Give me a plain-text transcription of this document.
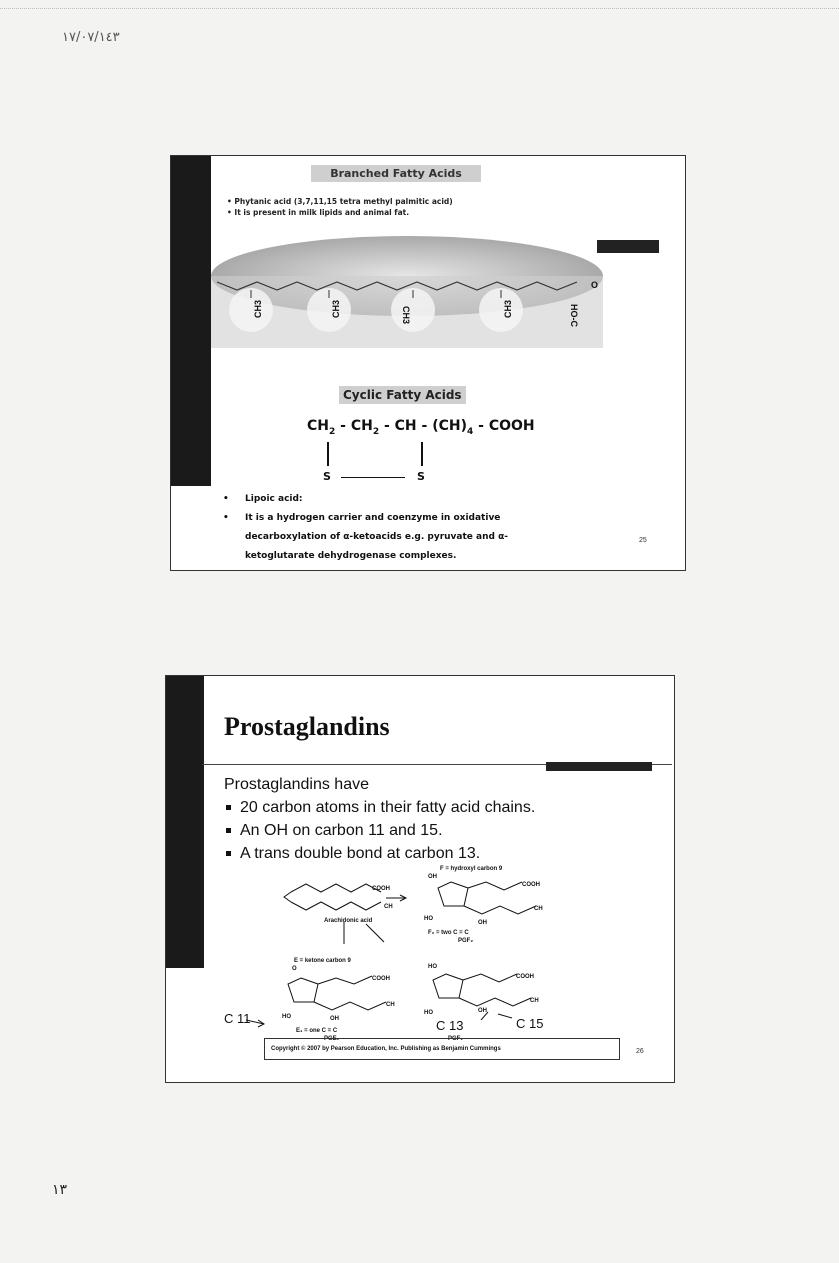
١٧/٠٧/١٤٣
Branched Fatty Acids
• Phytanic acid (3,7,11,15 tetra methyl palmitic acid)
• It is present in milk lipids and animal fat.
CH3	CH3	CH3	CH3	HO-C
O
Cyclic Fatty Acids
$CH_2 - CH_2$ - CH - $(CH)_4$ - COOH
S	S
• Lipoic acid:
• It is a hydrogen carrier and coenzyme in oxidative
decarboxylation of α-ketoacids e.g. pyruvate and α-
ketoglutarate dehydrogenase complexes.
25
Prostaglandins
Prostaglandins have
20 carbon atoms in their fatty acid chains.
An OH on carbon 11 and 15.
A trans double bond at carbon 13.
Arachidonic acid
COOH
CH
F = hydroxyl carbon 9
OH
COOH
CH
HO
OH
F₂ = two C = C
PGF₂
E = ketone carbon 9
O
COOH
CH
HO	OH
E₁ = one C = C
PGE₁
HO
COOH
CH
HO	OH
PGF₁
C 11	C 13	C 15
Copyright © 2007 by Pearson Education, Inc. Publishing as Benjamin Cummings	26
١٣
